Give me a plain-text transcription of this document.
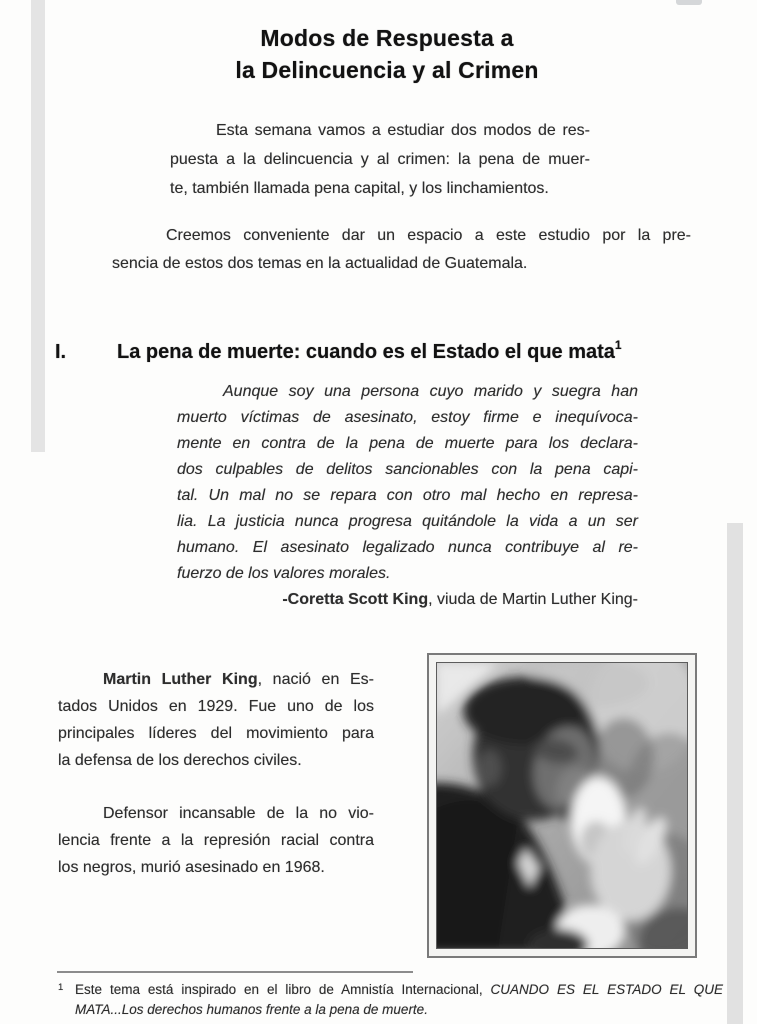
Modos de Respuesta a
la Delincuencia y al Crimen
Esta semana vamos a estudiar dos modos de res-
puesta a la delincuencia y al crimen: la pena de muer-
te, también llamada pena capital, y los linchamientos.
Creemos conveniente dar un espacio a este estudio por la pre-
sencia de estos dos temas en la actualidad de Guatemala.
I.	La pena de muerte: cuando es el Estado el que mata$^1$
Aunque soy una persona cuyo marido y suegra han
muerto víctimas de asesinato, estoy firme e inequívoca-
mente en contra de la pena de muerte para los declara-
dos culpables de delitos sancionables con la pena capi-
tal. Un mal no se repara con otro mal hecho en represa-
lia. La justicia nunca progresa quitándole la vida a un ser
humano. El asesinato legalizado nunca contribuye al re-
fuerzo de los valores morales.
-Coretta Scott King, viuda de Martin Luther King-
Martin Luther King, nació en Es-
tados Unidos en 1929. Fue uno de los
principales líderes del movimiento para
la defensa de los derechos civiles.
Defensor incansable de la no vio-
lencia frente a la represión racial contra
los negros, murió asesinado en 1968.
1 Este tema está inspirado en el libro de Amnistía Internacional, CUANDO ES EL ESTADO EL QUE
MATA...Los derechos humanos frente a la pena de muerte.
